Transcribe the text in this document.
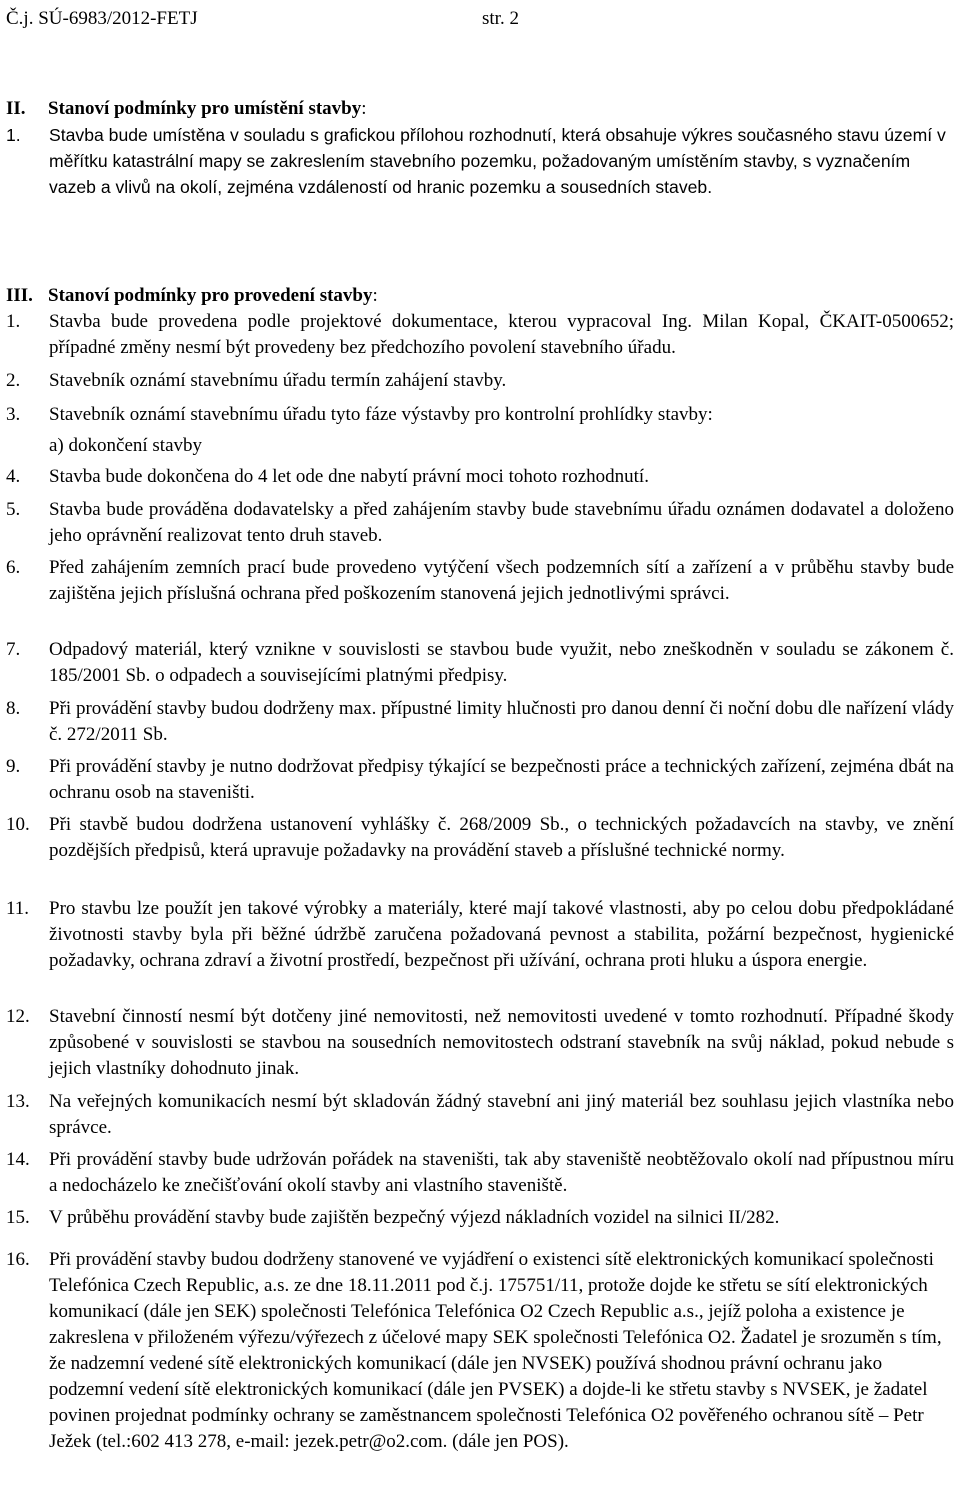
Č.j. SÚ-6983/2012-FETJ	str. 2
II. Stanoví podmínky pro umístění stavby:
1. Stavba bude umístěna v souladu s grafickou přílohou rozhodnutí, která obsahuje výkres současného stavu území v měřítku katastrální mapy se zakreslením stavebního pozemku, požadovaným umístěním stavby, s vyznačením vazeb a vlivů na okolí, zejména vzdáleností od hranic pozemku a sousedních staveb.
III. Stanoví podmínky pro provedení stavby:
1. Stavba bude provedena podle projektové dokumentace, kterou vypracoval Ing. Milan Kopal, ČKAIT-0500652; případné změny nesmí být provedeny bez předchozího povolení stavebního úřadu.
2. Stavebník oznámí stavebnímu úřadu termín zahájení stavby.
3. Stavebník oznámí stavebnímu úřadu tyto fáze výstavby pro kontrolní prohlídky stavby:
a) dokončení stavby
4. Stavba bude dokončena do 4 let ode dne nabytí právní moci tohoto rozhodnutí.
5. Stavba bude prováděna dodavatelsky a před zahájením stavby bude stavebnímu úřadu oznámen dodavatel a doloženo jeho oprávnění realizovat tento druh staveb.
6. Před zahájením zemních prací bude provedeno vytýčení všech podzemních sítí a zařízení a v průběhu stavby bude zajištěna jejich příslušná ochrana před poškozením stanovená jejich jednotlivými správci.
7. Odpadový materiál, který vznikne v souvislosti se stavbou bude využit, nebo zneškodněn v souladu se zákonem č. 185/2001 Sb. o odpadech a souvisejícími platnými předpisy.
8. Při provádění stavby budou dodrženy max. přípustné limity hlučnosti pro danou denní či noční dobu dle nařízení vlády č. 272/2011 Sb.
9. Při provádění stavby je nutno dodržovat předpisy týkající se bezpečnosti práce a technických zařízení, zejména dbát na ochranu osob na staveništi.
10. Při stavbě budou dodržena ustanovení vyhlášky č. 268/2009 Sb., o technických požadavcích na stavby, ve znění pozdějších předpisů, která upravuje požadavky na provádění staveb a příslušné technické normy.
11. Pro stavbu lze použít jen takové výrobky a materiály, které mají takové vlastnosti, aby po celou dobu předpokládané životnosti stavby byla při běžné údržbě zaručena požadovaná pevnost a stabilita, požární bezpečnost, hygienické požadavky, ochrana zdraví a životní prostředí, bezpečnost při užívání, ochrana proti hluku a úspora energie.
12. Stavební činností nesmí být dotčeny jiné nemovitosti, než nemovitosti uvedené v tomto rozhodnutí. Případné škody způsobené v souvislosti se stavbou na sousedních nemovitostech odstraní stavebník na svůj náklad, pokud nebude s jejich vlastníky dohodnuto jinak.
13. Na veřejných komunikacích nesmí být skladován žádný stavební ani jiný materiál bez souhlasu jejich vlastníka nebo správce.
14. Při provádění stavby bude udržován pořádek na staveništi, tak aby staveniště neobtěžovalo okolí nad přípustnou míru a nedocházelo ke znečišťování okolí stavby ani vlastního staveniště.
15. V průběhu provádění stavby bude zajištěn bezpečný výjezd nákladních vozidel na silnici II/282.
16. Při provádění stavby budou dodrženy stanovené ve vyjádření o existenci sítě elektronických komunikací společnosti Telefónica Czech Republic, a.s. ze dne 18.11.2011 pod č.j. 175751/11, protože dojde ke střetu se sítí elektronických komunikací (dále jen SEK) společnosti Telefónica Telefónica O2 Czech Republic a.s., jejíž poloha a existence je zakreslena v přiloženém výřezu/výřezech z účelové mapy SEK společnosti Telefónica O2. Žadatel je srozuměn s tím, že nadzemní vedené sítě elektronických komunikací (dále jen NVSEK) používá shodnou právní ochranu jako podzemní vedení sítě elektronických komunikací (dále jen PVSEK) a dojde-li ke střetu stavby s NVSEK, je žadatel povinen projednat podmínky ochrany se zaměstnancem společnosti Telefónica O2 pověřeného ochranou sítě – Petr Ježek (tel.:602 413 278, e-mail: jezek.petr@o2.com. (dále jen POS).
